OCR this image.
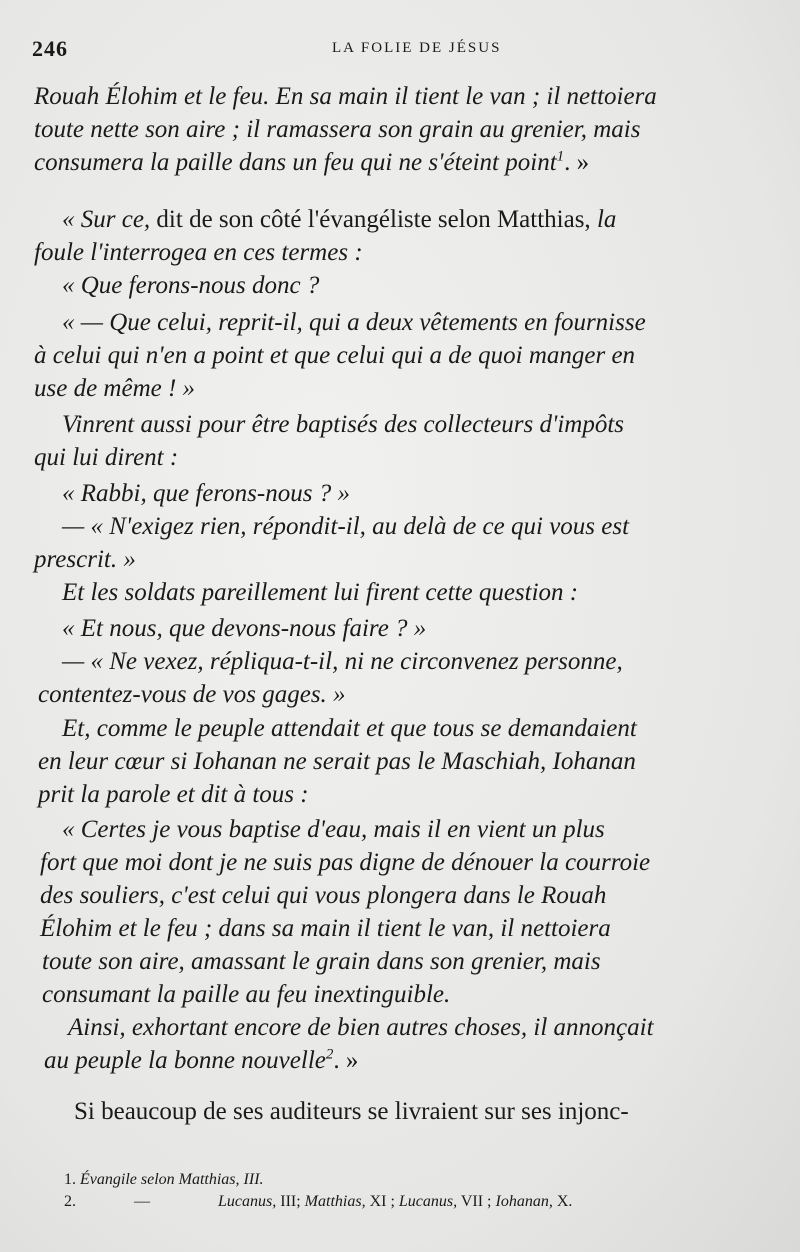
246	LA FOLIE DE JÉSUS
Rouah Élohim et le feu. En sa main il tient le van ; il nettoiera
toute nette son aire ; il ramassera son grain au grenier, mais
consumera la paille dans un feu qui ne s'éteint point$^1$. »
« Sur ce, dit de son côté l'évangéliste selon Matthias, la
foule l'interrogea en ces termes :
« Que ferons-nous donc ?
« — Que celui, reprit-il, qui a deux vêtements en fournisse
à celui qui n'en a point et que celui qui a de quoi manger en
use de même ! »
Vinrent aussi pour être baptisés des collecteurs d'impôts
qui lui dirent :
« Rabbi, que ferons-nous ? »
— « N'exigez rien, répondit-il, au delà de ce qui vous est
prescrit. »
Et les soldats pareillement lui firent cette question :
« Et nous, que devons-nous faire ? »
— « Ne vexez, répliqua-t-il, ni ne circonvenez personne,
contentez-vous de vos gages. »
Et, comme le peuple attendait et que tous se demandaient
en leur cœur si Iohanan ne serait pas le Maschiah, Iohanan
prit la parole et dit à tous :
« Certes je vous baptise d'eau, mais il en vient un plus
fort que moi dont je ne suis pas digne de dénouer la courroie
des souliers, c'est celui qui vous plongera dans le Rouah
Élohim et le feu ; dans sa main il tient le van, il nettoiera
toute son aire, amassant le grain dans son grenier, mais
consumant la paille au feu inextinguible.
Ainsi, exhortant encore de bien autres choses, il annonçait
au peuple la bonne nouvelle$^2$. »
Si beaucoup de ses auditeurs se livraient sur ses injonc-
1. Évangile selon Matthias, III.
2.	—	Lucanus, III; Matthias, XI ; Lucanus, VII ; Iohanan, X.
